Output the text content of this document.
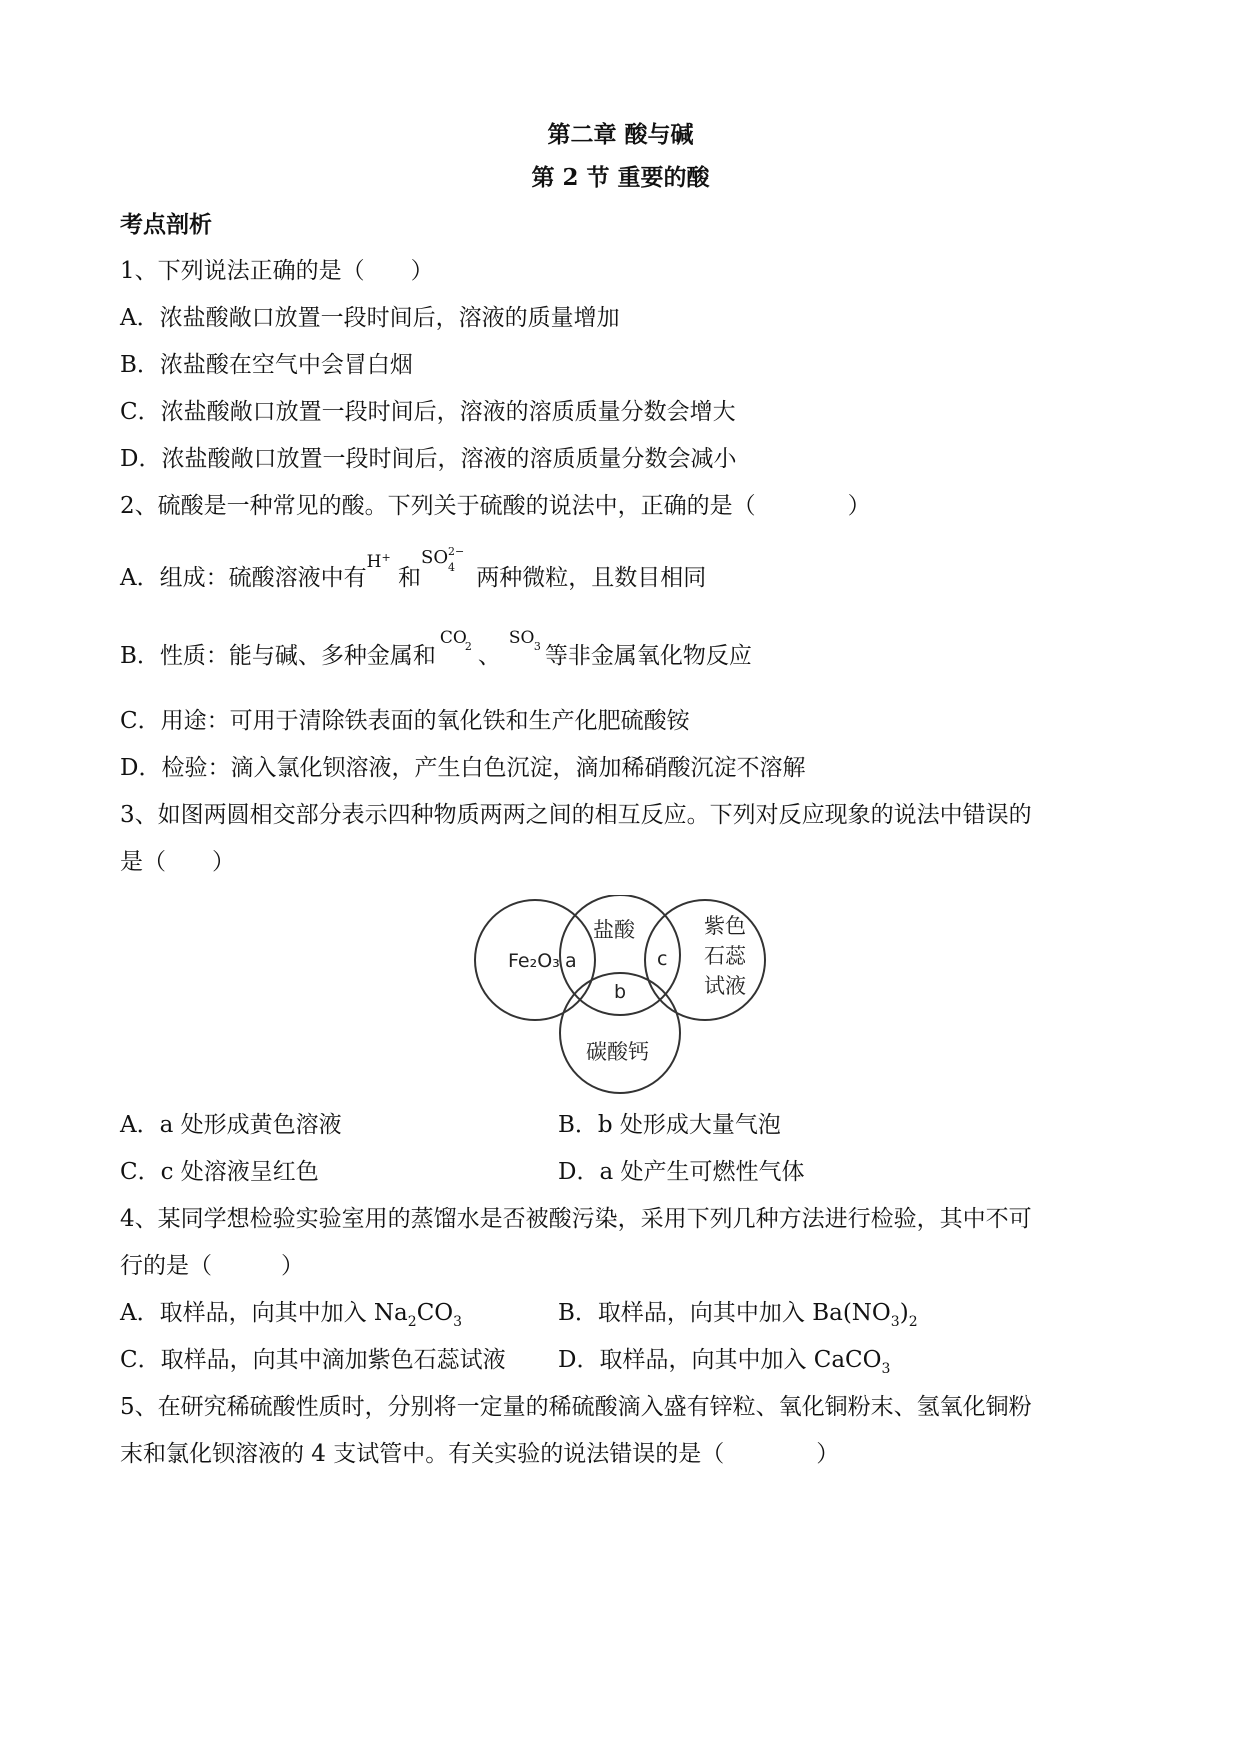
第二章 酸与碱
第 2 节 重要的酸
考点剖析
1、下列说法正确的是（　　）
A．浓盐酸敞口放置一段时间后，溶液的质量增加
B．浓盐酸在空气中会冒白烟
C．浓盐酸敞口放置一段时间后，溶液的溶质质量分数会增大
D．浓盐酸敞口放置一段时间后，溶液的溶质质量分数会减小
2、硫酸是一种常见的酸。下列关于硫酸的说法中，正确的是（　　　　）
A．组成：硫酸溶液中有$^{H^+}$ 和
SO 2−
4 两种微粒，且数目相同
B．性质：能与碱、多种金属和
CO
2 、
SO 3 等非金属氧化物反应
C．用途：可用于清除铁表面的氧化铁和生产化肥硫酸铵
D．检验：滴入氯化钡溶液，产生白色沉淀，滴加稀硝酸沉淀不溶解
3、如图两圆相交部分表示四种物质两两之间的相互反应。下列对反应现象的说法中错误的
是（　　）
Fe₂O₃
盐酸	紫色
石蕊
试液
碳酸钙
a
b
c
A．a 处形成黄色溶液	B．b 处形成大量气泡
C．c 处溶液呈红色	D．a 处产生可燃性气体
4、某同学想检验实验室用的蒸馏水是否被酸污染，采用下列几种方法进行检验，其中不可
行的是（　　　）
A．取样品，向其中加入 $Na_2CO_3$	B．取样品，向其中加入 $Ba(NO_3)_2$
C．取样品，向其中滴加紫色石蕊试液 D．取样品，向其中加入 CaCO$_3$
5、在研究稀硫酸性质时，分别将一定量的稀硫酸滴入盛有锌粒、氧化铜粉末、氢氧化铜粉
末和氯化钡溶液的 4 支试管中。有关实验的说法错误的是（　　　　）
